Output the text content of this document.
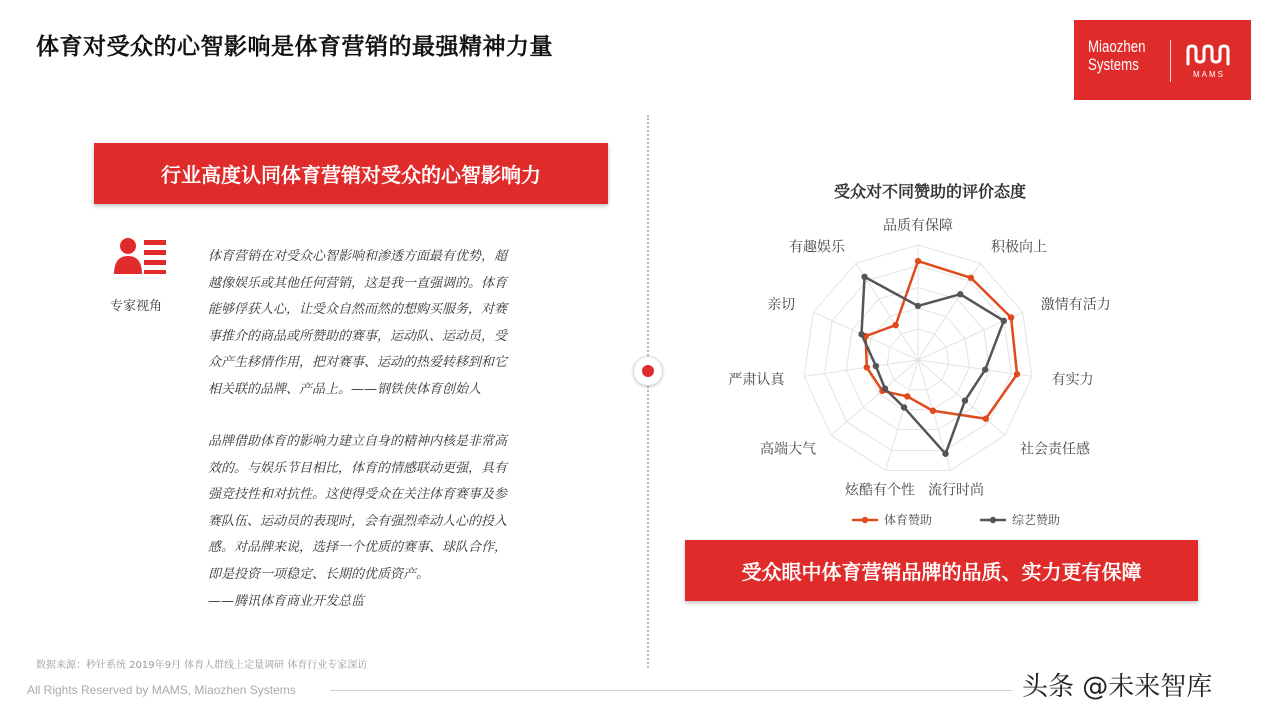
体育对受众的心智影响是体育营销的最强精神力量	Miaozhen
Systems
MAMS
行业高度认同体育营销对受众的心智影响力
专家视角
体育营销在对受众心智影响和渗透方面最有优势，超
越像娱乐或其他任何营销，这是我一直强调的。体育
能够俘获人心，让受众自然而然的想购买服务，对赛
事推介的商品或所赞助的赛事，运动队、运动员，受
众产生移情作用，把对赛事、运动的热爱转移到和它
相关联的品牌、产品上。——钢铁侠体育创始人
品牌借助体育的影响力建立自身的精神内核是非常高
效的。与娱乐节目相比，体育的情感联动更强，具有
强竞技性和对抗性。这使得受众在关注体育赛事及参
赛队伍、运动员的表现时，会有强烈牵动人心的投入
感。对品牌来说，选择一个优质的赛事、球队合作，
即是投资一项稳定、长期的优质资产。
——腾讯体育商业开发总监
受众对不同赞助的评价态度
品质有保障
积极向上
激情有活力
有实力
社会责任感
流行时尚
炫酷有个性
高端大气
严肃认真
亲切
有趣娱乐
体育赞助	综艺赞助
受众眼中体育营销品牌的品质、实力更有保障
数据来源：秒针系统 2019年9月 体育人群线上定量调研 体育行业专家深访
All Rights Reserved by MAMS, Miaozhen Systems	头条 @未来智库
